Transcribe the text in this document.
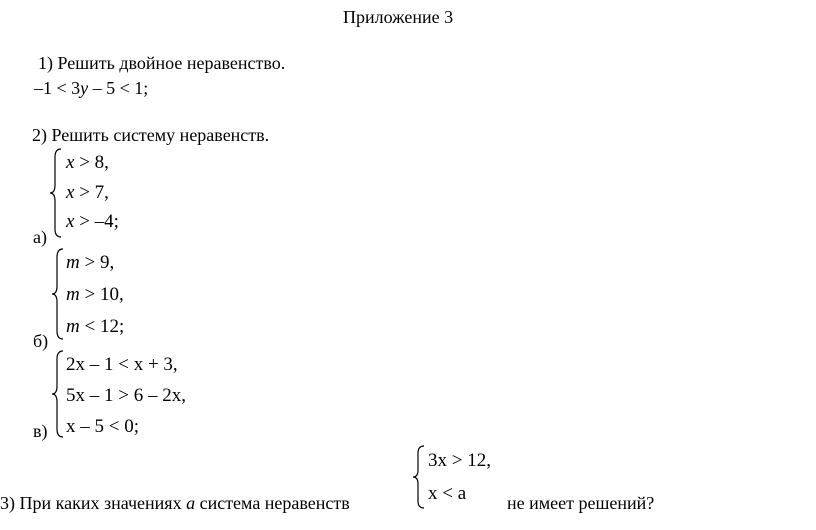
Приложение 3
1) Решить двойное неравенство.
–1 < 3y – 5 < 1;
2) Решить систему неравенств.
x > 8,
x > 7,
x > –4;
а)
m > 9,
m > 10,
m < 12;
б)
2x – 1 < x + 3,
5x – 1 > 6 – 2x,
x – 5 < 0;
в)
3x > 12,
x < a
3) При каких значениях a система неравенств	не имеет решений?
